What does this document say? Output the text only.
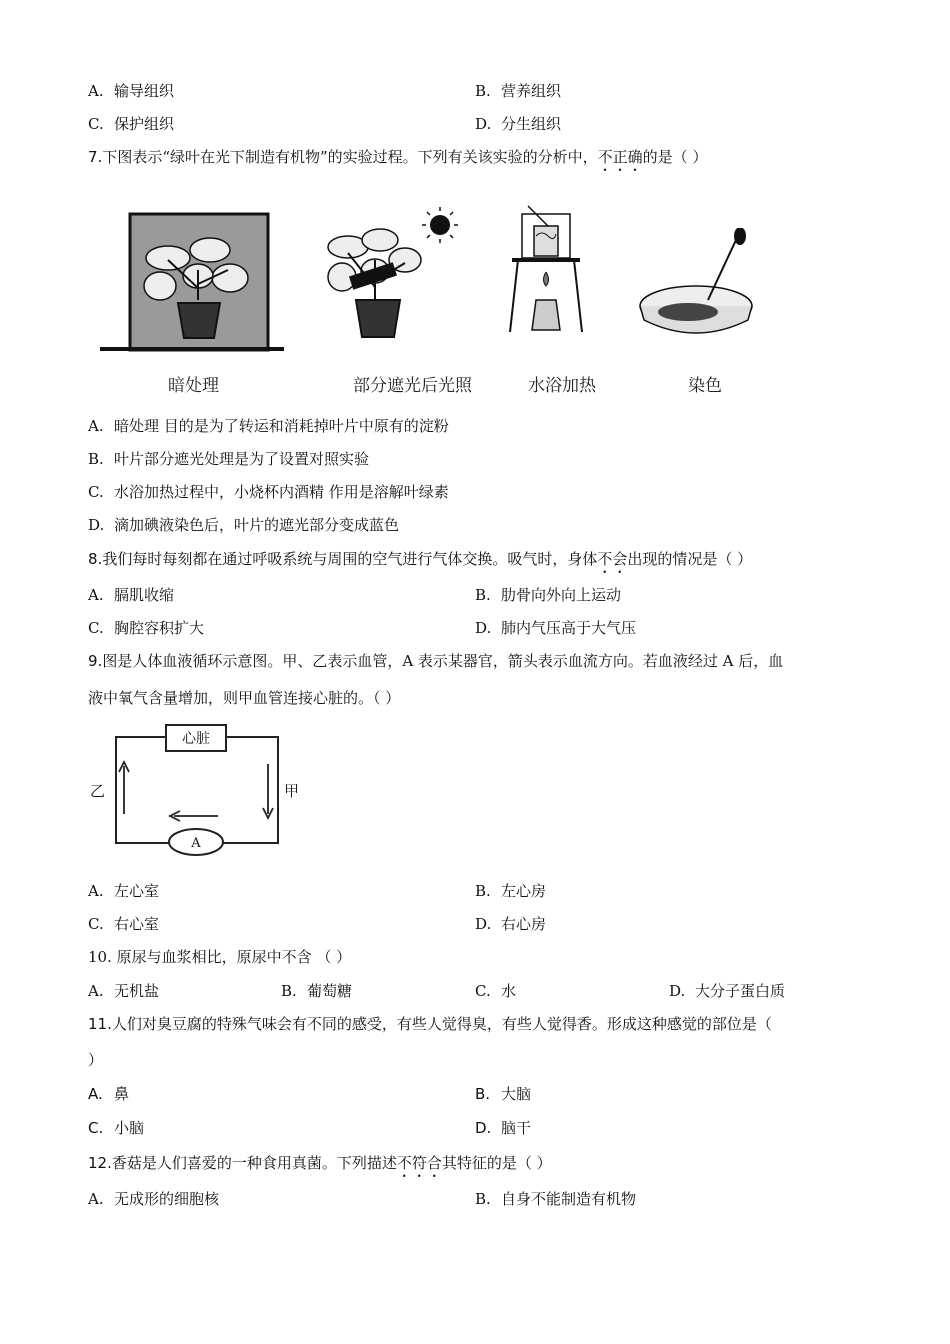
A. 输导组织	B. 营养组织
C. 保护组织	D. 分生组织
7.下图表示“绿叶在光下制造有机物”的实验过程。下列有关该实验的分析中，不正确的是（ ）
暗处理	部分遮光后光照	水浴加热	染色
A. 暗处理 目的是为了转运和消耗掉叶片中原有的淀粉
B. 叶片部分遮光处理是为了设置对照实验
C. 水浴加热过程中，小烧杯内酒精 作用是溶解叶绿素
D. 滴加碘液染色后，叶片的遮光部分变成蓝色
8.我们每时每刻都在通过呼吸系统与周围的空气进行气体交换。吸气时，身体不会出现的情况是（ ）
A. 膈肌收缩	B. 肋骨向外向上运动
C. 胸腔容积扩大	D. 肺内气压高于大气压
9.图是人体血液循环示意图。甲、乙表示血管，A 表示某器官，箭头表示血流方向。若血液经过 A 后，血
液中氧气含量增加，则甲血管连接心脏的。（ ）
心脏
A
乙	甲
A. 左心室	B. 左心房
C. 右心室	D. 右心房
10. 原尿与血浆相比，原尿中不含 （ ）
A. 无机盐	B. 葡萄糖	C. 水	D. 大分子蛋白质
11.人们对臭豆腐的特殊气味会有不同的感受，有些人觉得臭，有些人觉得香。形成这种感觉的部位是（
）
A. 鼻	B. 大脑
C. 小脑	D. 脑干
12.香菇是人们喜爱的一种食用真菌。下列描述不符合其特征的是（ ）
A. 无成形的细胞核	B. 自身不能制造有机物
